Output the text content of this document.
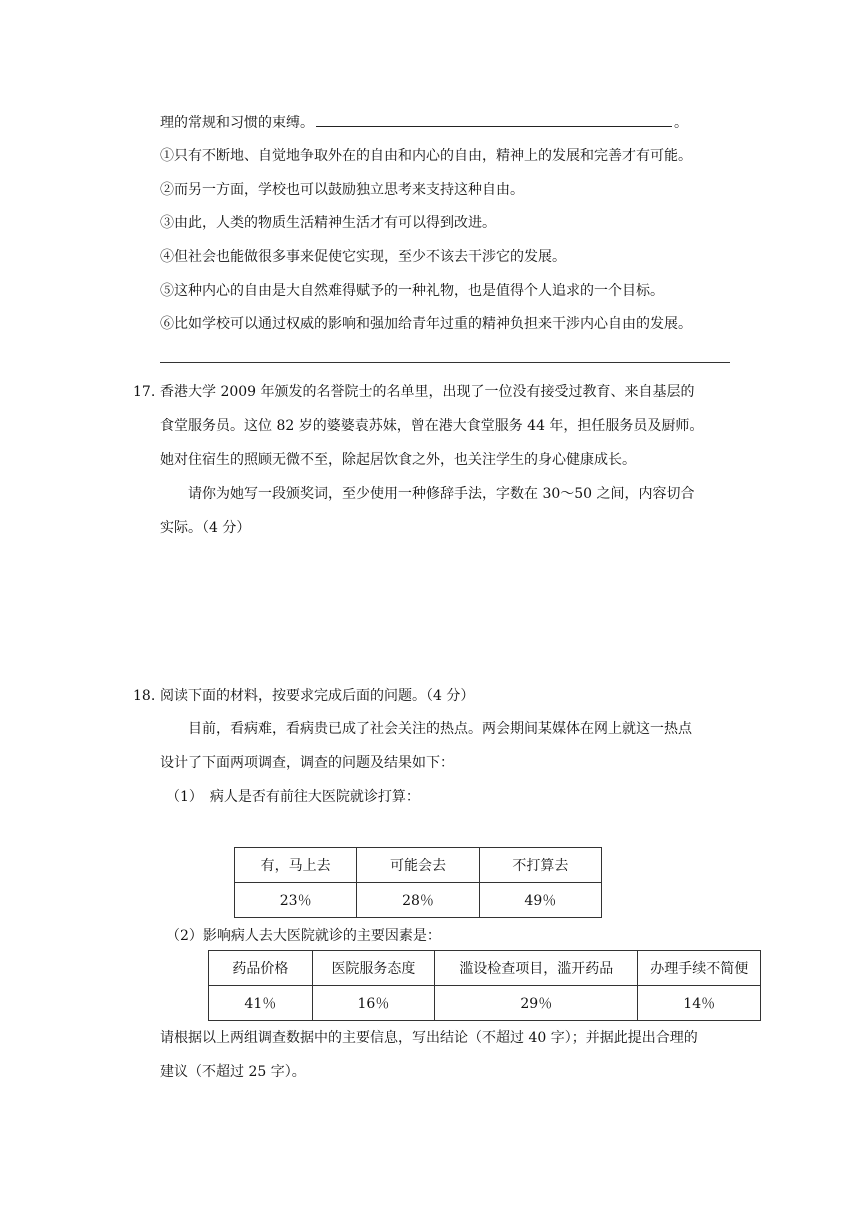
理的常规和习惯的束缚。	。
①只有不断地、自觉地争取外在的自由和内心的自由，精神上的发展和完善才有可能。
②而另一方面，学校也可以鼓励独立思考来支持这种自由。
③由此，人类的物质生活精神生活才有可以得到改进。
④但社会也能做很多事来促使它实现，至少不该去干涉它的发展。
⑤这种内心的自由是大自然难得赋予的一种礼物，也是值得个人追求的一个目标。
⑥比如学校可以通过权威的影响和强加给青年过重的精神负担来干涉内心自由的发展。
17. 香港大学 2009 年颁发的名誉院士的名单里，出现了一位没有接受过教育、来自基层的
食堂服务员。这位 82 岁的婆婆袁苏妹，曾在港大食堂服务 44 年，担任服务员及厨师。
她对住宿生的照顾无微不至，除起居饮食之外，也关注学生的身心健康成长。
请你为她写一段颁奖词，至少使用一种修辞手法，字数在 30～50 之间，内容切合
实际。（4 分）
18. 阅读下面的材料，按要求完成后面的问题。（4 分）
目前，看病难，看病贵已成了社会关注的热点。两会期间某媒体在网上就这一热点
设计了下面两项调查，调查的问题及结果如下：
（1）　病人是否有前往大医院就诊打算：
有，马上去	可能会去	不打算去
23％	28％	49％
（2）影响病人去大医院就诊的主要因素是：
药品价格	医院服务态度	滥设检查项目，滥开药品	办理手续不简便
41％	16％	29％	14％
请根据以上两组调查数据中的主要信息，写出结论（不超过 40 字）；并据此提出合理的
建议（不超过 25 字）。
